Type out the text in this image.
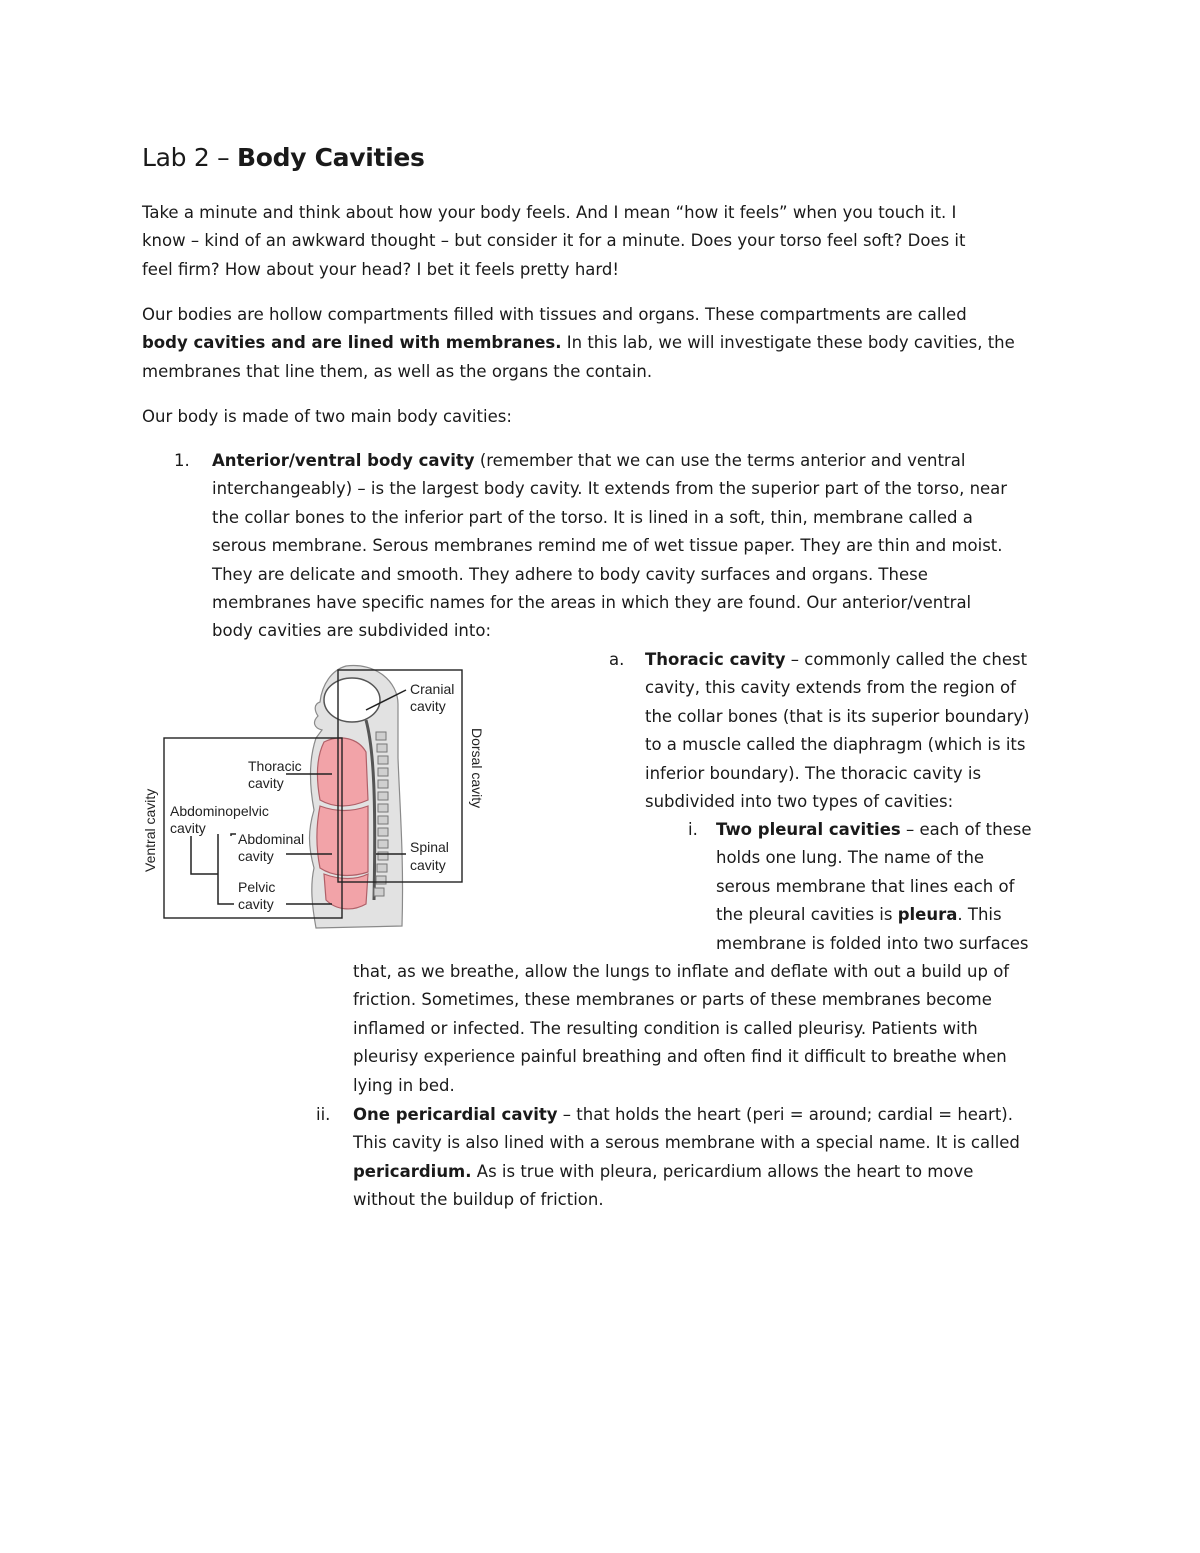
Lab 2 – Body Cavities
Take a minute and think about how your body feels. And I mean “how it feels” when you touch it. I
know – kind of an awkward thought – but consider it for a minute. Does your torso feel soft? Does it
feel firm? How about your head? I bet it feels pretty hard!
Our bodies are hollow compartments filled with tissues and organs. These compartments are called
body cavities and are lined with membranes. In this lab, we will investigate these body cavities, the
membranes that line them, as well as the organs the contain.
Our body is made of two main body cavities:
1. Anterior/ventral body cavity (remember that we can use the terms anterior and ventral
interchangeably) – is the largest body cavity. It extends from the superior part of the torso, near
the collar bones to the inferior part of the torso. It is lined in a soft, thin, membrane called a
serous membrane. Serous membranes remind me of wet tissue paper. They are thin and moist.
They are delicate and smooth. They adhere to body cavity surfaces and organs. These
membranes have specific names for the areas in which they are found. Our anterior/ventral
body cavities are subdivided into:
a. Thoracic cavity – commonly called the chest
cavity, this cavity extends from the region of
the collar bones (that is its superior boundary)
to a muscle called the diaphragm (which is its
inferior boundary). The thoracic cavity is
subdivided into two types of cavities:
i. Two pleural cavities – each of these
holds one lung. The name of the
serous membrane that lines each of
the pleural cavities is pleura. This
membrane is folded into two surfaces
that, as we breathe, allow the lungs to inflate and deflate with out a build up of
friction. Sometimes, these membranes or parts of these membranes become
inflamed or infected. The resulting condition is called pleurisy. Patients with
pleurisy experience painful breathing and often find it difficult to breathe when
lying in bed.
ii. One pericardial cavity – that holds the heart (peri = around; cardial = heart).
This cavity is also lined with a serous membrane with a special name. It is called
pericardium. As is true with pleura, pericardium allows the heart to move
without the buildup of friction.
Cranial
cavity
Dorsal cavity
Thoracic
cavity
Abdominopelvic
cavity
Ventral cavity	Abdominal
cavity
Spinal
cavity
Pelvic
cavity
